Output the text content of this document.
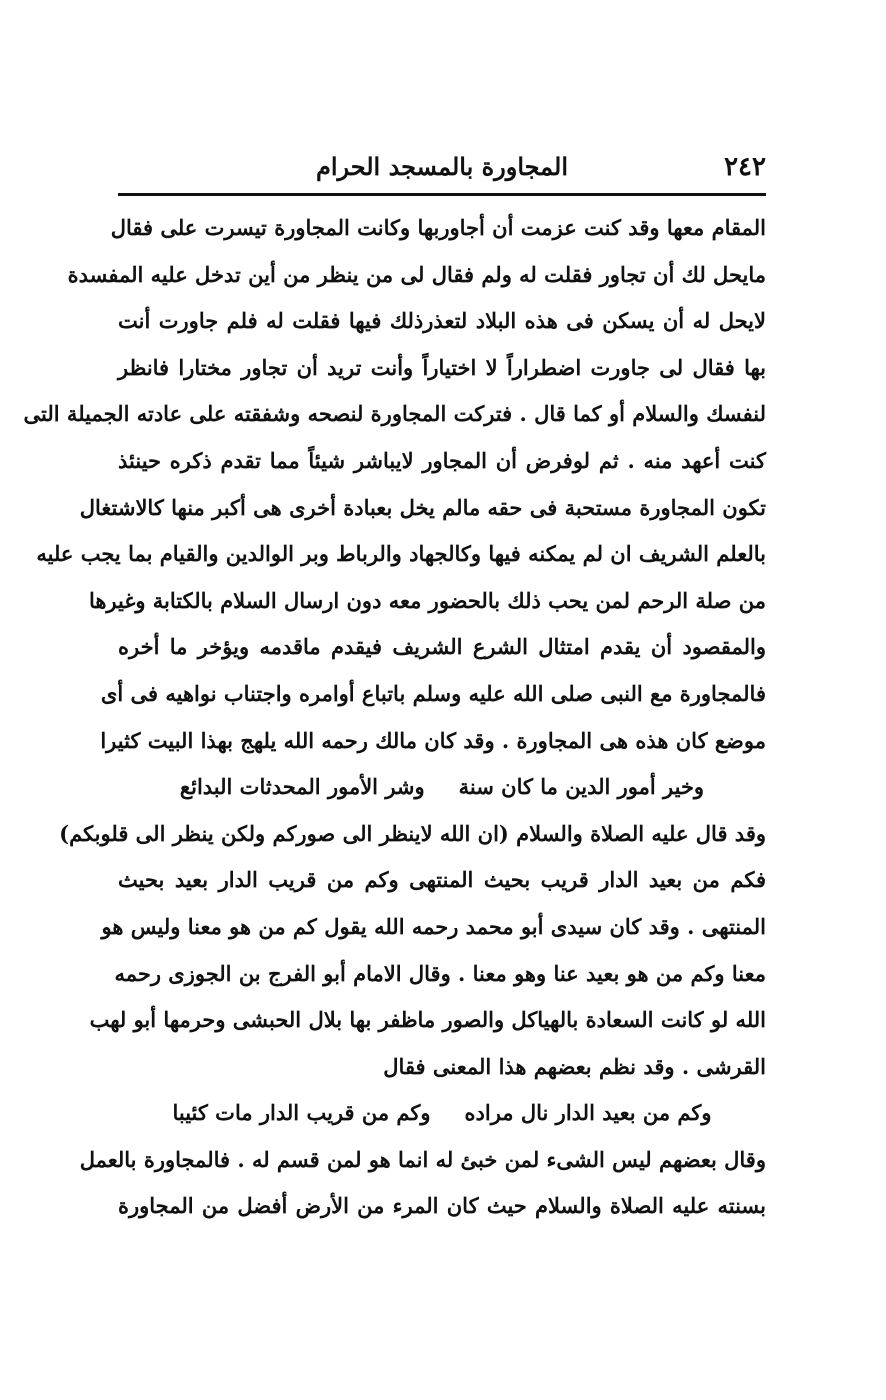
٢٤٢
المجاورة بالمسجد الحرام
المقام معها وقد كنت عزمت أن أجاوربها وكانت المجاورة تيسرت على فقال
مايحل لك أن تجاور فقلت له ولم فقال لى من ينظر من أين تدخل عليه المفسدة
لايحل له أن يسكن فى هذه البلاد لتعذرذلك فيها فقلت له فلم جاورت أنت
بها فقال لى جاورت اضطراراً لا اختياراً وأنت تريد أن تجاور مختارا فانظر
لنفسك والسلام أو كما قال . فتركت المجاورة لنصحه وشفقته على عادته الجميلة التى
كنت أعهد منه . ثم لوفرض أن المجاور لايباشر شيئاً مما تقدم ذكره حينئذ
تكون المجاورة مستحبة فى حقه مالم يخل بعبادة أخرى هى أكبر منها كالاشتغال
بالعلم الشريف ان لم يمكنه فيها وكالجهاد والرباط وبر الوالدين والقيام بما يجب عليه
من صلة الرحم لمن يحب ذلك بالحضور معه دون ارسال السلام بالكتابة وغيرها
والمقصود أن يقدم امتثال الشرع الشريف فيقدم ماقدمه ويؤخر ما أخره
فالمجاورة مع النبى صلى الله عليه وسلم باتباع أوامره واجتناب نواهيه فى أى
موضع كان هذه هى المجاورة . وقد كان مالك رحمه الله يلهج بهذا البيت كثيرا
وخير أمور الدين ما كان سنة
وشر الأمور المحدثات البدائع
وقد قال عليه الصلاة والسلام (ان الله لاينظر الى صوركم ولكن ينظر الى قلوبكم)
فكم من بعيد الدار قريب بحيث المنتهى وكم من قريب الدار بعيد بحيث
المنتهى . وقد كان سيدى أبو محمد رحمه الله يقول كم من هو معنا وليس هو
معنا وكم من هو بعيد عنا وهو معنا . وقال الامام أبو الفرج بن الجوزى رحمه
الله لو كانت السعادة بالهياكل والصور ماظفر بها بلال الحبشى وحرمها أبو لهب
القرشى . وقد نظم بعضهم هذا المعنى فقال
وكم من بعيد الدار نال مراده
وكم من قريب الدار مات كئيبا
وقال بعضهم ليس الشىء لمن خبئ له انما هو لمن قسم له . فالمجاورة بالعمل
بسنته عليه الصلاة والسلام حيث كان المرء من الأرض أفضل من المجاورة
